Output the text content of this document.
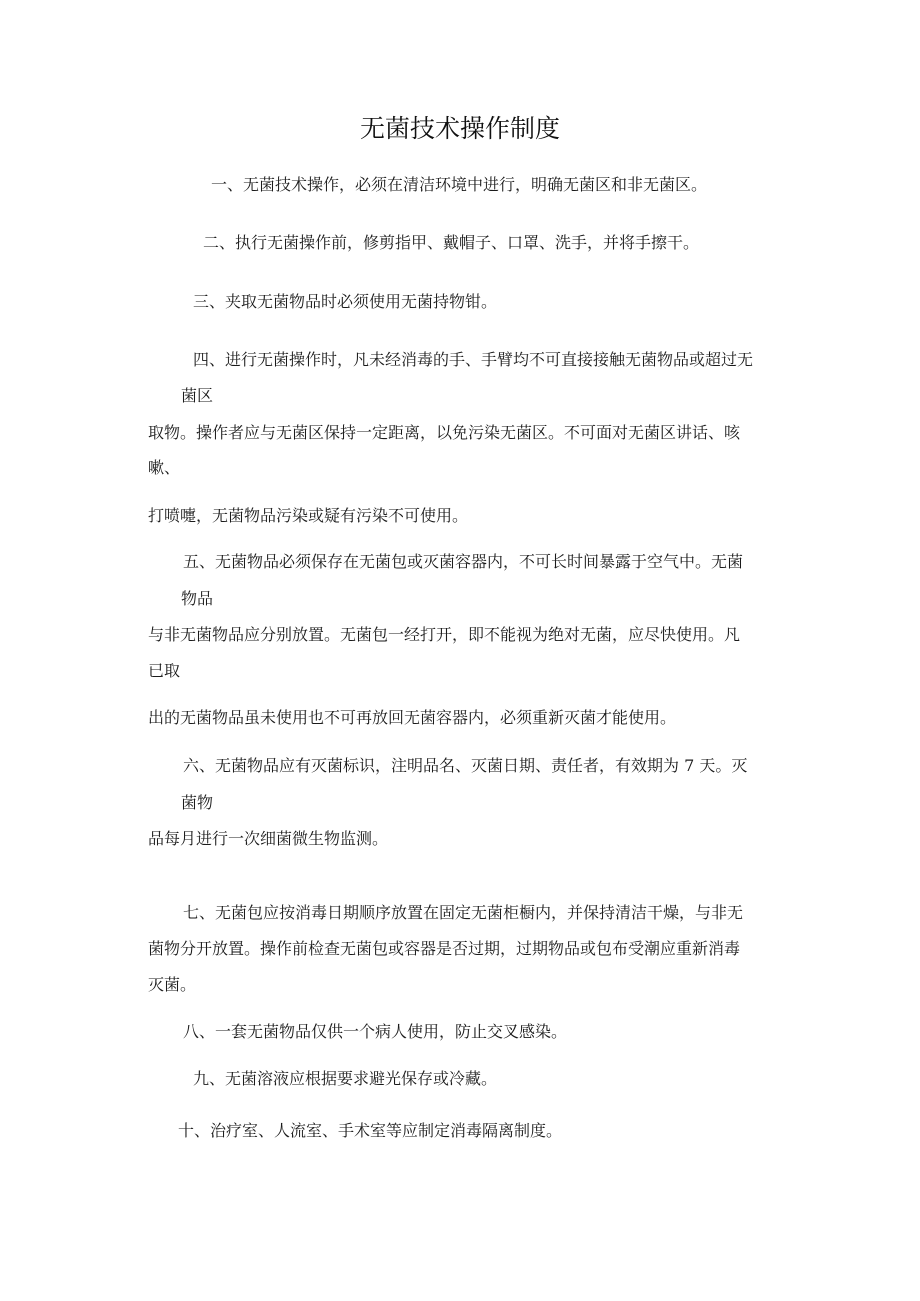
无菌技术操作制度

一、无菌技术操作，必须在清洁环境中进行，明确无菌区和非无菌区。

二、执行无菌操作前，修剪指甲、戴帽子、口罩、洗手，并将手擦干。

三、夹取无菌物品时必须使用无菌持物钳。

四、进行无菌操作时，凡未经消毒的手、手臂均不可直接接触无菌物品或超过无

菌区

取物。操作者应与无菌区保持一定距离，以免污染无菌区。不可面对无菌区讲话、咳

嗽、

打喷嚏，无菌物品污染或疑有污染不可使用。

五、无菌物品必须保存在无菌包或灭菌容器内，不可长时间暴露于空气中。无菌

物品

与非无菌物品应分别放置。无菌包一经打开，即不能视为绝对无菌，应尽快使用。凡

已取

出的无菌物品虽未使用也不可再放回无菌容器内，必须重新灭菌才能使用。

六、无菌物品应有灭菌标识，注明品名、灭菌日期、责任者，有效期为 7 天。灭

菌物

品每月进行一次细菌微生物监测。

七、无菌包应按消毒日期顺序放置在固定无菌柜橱内，并保持清洁干燥，与非无

菌物分开放置。操作前检查无菌包或容器是否过期，过期物品或包布受潮应重新消毒

灭菌。

八、一套无菌物品仅供一个病人使用，防止交叉感染。

九、无菌溶液应根据要求避光保存或冷藏。

十、治疗室、人流室、手术室等应制定消毒隔离制度。
